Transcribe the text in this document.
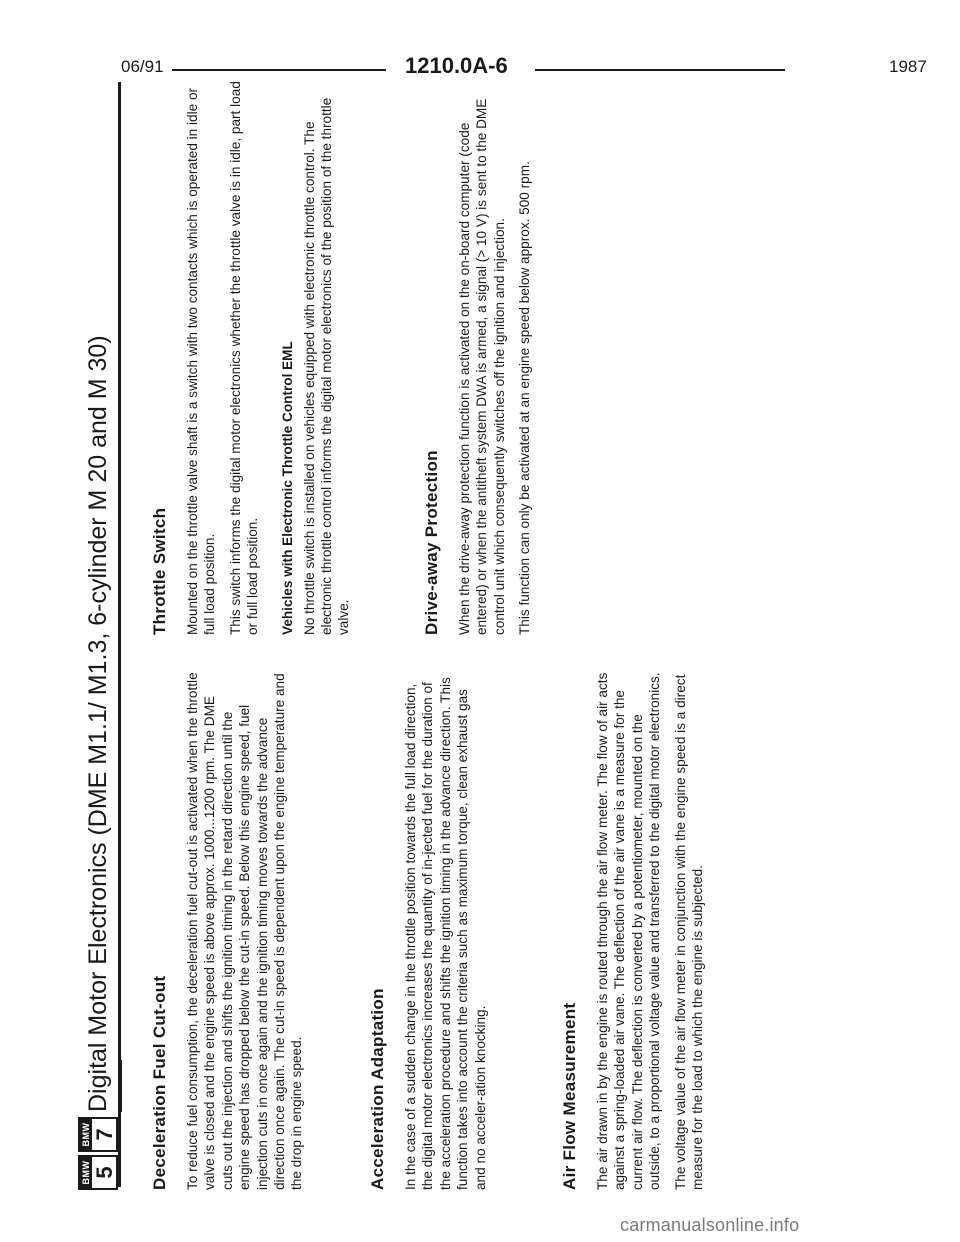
06/91	1210.0A-6	1987
BMW 5
BMW 7
Digital Motor Electronics (DME M1.1/ M1.3, 6-cylinder M 20 and M 30) Deceleration Fuel Cut-out To reduce fuel consumption, the deceleration fuel cut-out is activated when the throttle valve is closed and the engine speed is above approx. 1000...1200 rpm. The DME cuts out the injection and shifts the ignition timing in the retard direction until the engine speed has dropped below the cut-in speed. Below this engine speed, fuel injection cuts in once again and the ignition timing moves towards the advance direction once again. The cut-in speed is dependent upon the engine temperature and the drop in engine speed.	Acceleration Adaptation In the case of a sudden change in the throttle position towards the full load direction, the digital motor electronics increases the quantity of in-jected fuel for the duration of the acceleration procedure and shifts the ignition timing in the advance direction. This function takes into account the criteria such as maximum torque, clean exhaust gas and no acceler-ation knocking.	Air Flow Measurement The air drawn in by the engine is routed through the air flow meter. The flow of air acts against a spring-loaded air vane. The deflection of the air vane is a measure for the current air flow. The deflection is converted by a potentiometer, mounted on the outside, to a proportional voltage value and transferred to the digital motor electronics. The voltage value of the air flow meter in conjunction with the engine speed is a direct measure for the load to which the engine is subjected.

Throttle Switch Mounted on the throttle valve shaft is a switch with two contacts which is operated in idle or full load position. This switch informs the digital motor electronics whether the throttle valve is in idle, part load or full load position. Vehicles with Electronic Throttle Control EML No throttle switch is installed on vehicles equipped with electronic throttle control. The electronic throttle control informs the digital motor electronics of the position of the throttle valve.	Drive-away Protection When the drive-away protection function is activated on the on-board computer (code entered) or when the antitheft system DWA is armed, a signal (> 10 V) is sent to the DME control unit which consequently switches off the ignition and injection. This function can only be activated at an engine speed below approx. 500 rpm.

carmanualsonline.info
